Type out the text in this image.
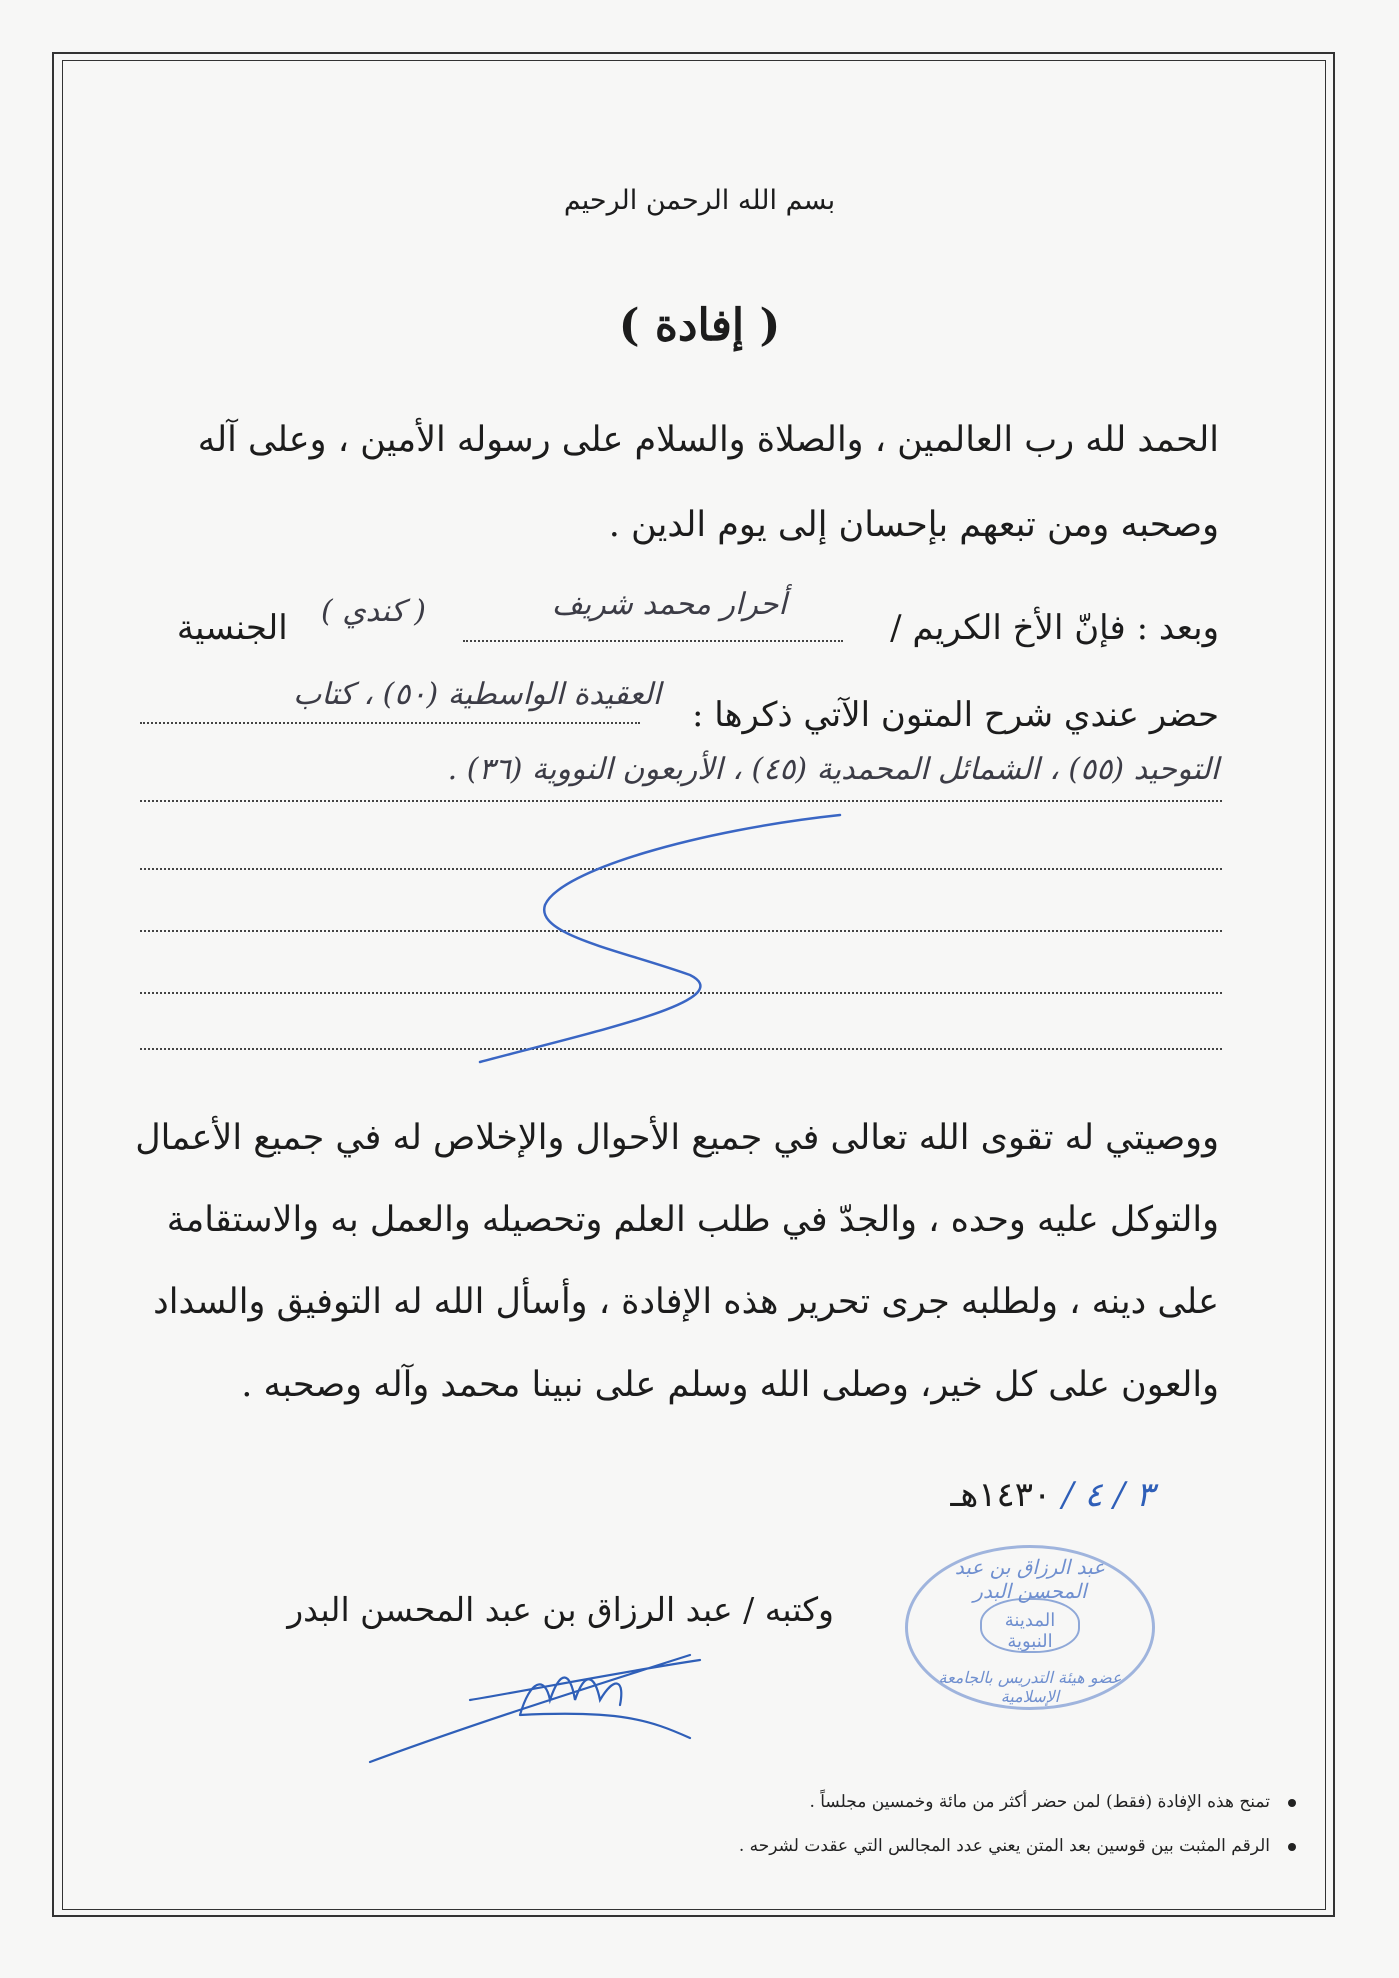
بسم الله الرحمن الرحيم
( إفادة )
الحمد لله رب العالمين ، والصلاة والسلام على رسوله الأمين ، وعلى آله
وصحبه ومن تبعهم بإحسان إلى يوم الدين .
وبعد : فإنّ الأخ الكريم / أحرار محمد شريف ( كندي ) الجنسية
حضر عندي شرح المتون الآتي ذكرها : العقيدة الواسطية (٥٠) ، كتاب
التوحيد (٥٥) ، الشمائل المحمدية (٤٥) ، الأربعون النووية (٣٦) .
ووصيتي له تقوى الله تعالى في جميع الأحوال والإخلاص له في جميع الأعمال
والتوكل عليه وحده ، والجدّ في طلب العلم وتحصيله والعمل به والاستقامة
على دينه ، ولطلبه جرى تحرير هذه الإفادة ، وأسأل الله له التوفيق والسداد
والعون على كل خير، وصلى الله وسلم على نبينا محمد وآله وصحبه .
٣ / ٤ / ١٤٣٠هـ
وكتبه / عبد الرزاق بن عبد المحسن البدر
عبد الرزاق بن عبد المحسن البدر
المدينة النبوية
عضو هيئة التدريس بالجامعة الإسلامية
تمنح هذه الإفادة (فقط) لمن حضر أكثر من مائة وخمسين مجلساً .
الرقم المثبت بين قوسين بعد المتن يعني عدد المجالس التي عقدت لشرحه .
